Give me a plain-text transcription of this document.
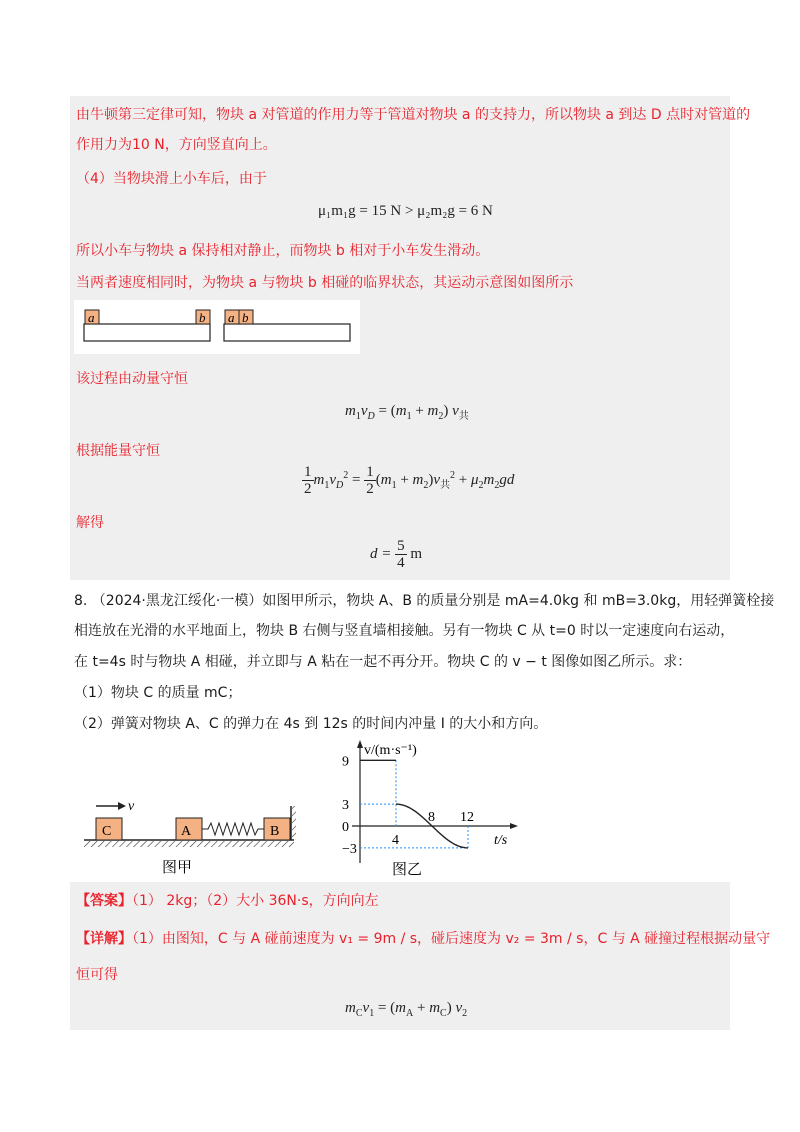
由牛顿第三定律可知，物块 a 对管道的作用力等于管道对物块 a 的支持力，所以物块 a 到达 D 点时对管道的
作用力为10 N，方向竖直向上。
（4）当物块滑上小车后，由于
μ₁m₁g = 15 N > μ₂m₂g = 6 N
所以小车与物块 a 保持相对静止，而物块 b 相对于小车发生滑动。
当两者速度相同时，为物块 a 与物块 b 相碰的临界状态，其运动示意图如图所示
a	b a b
该过程由动量守恒
$m_1v_D = (m_1 + m_2)$ $v_共$
根据能量守恒
$\frac{1}{2} m_1v_D^2 = \frac{1}{2} (m_1 + m_2)v_共^2 + \mu_2m_2gd$
解得
$d = \frac{5}{4}$ m
8. （2024·黑龙江绥化·一模）如图甲所示，物块 A、B 的质量分别是 mA=4.0kg 和 mB=3.0kg，用轻弹簧栓接
相连放在光滑的水平地面上，物块 B 右侧与竖直墙相接触。另有一物块 C 从 t=0 时以一定速度向右运动，
在 t=4s 时与物块 A 相碰，并立即与 A 粘在一起不再分开。物块 C 的 v − t 图像如图乙所示。求：
（1）物块 C 的质量 mC；
（2）弹簧对物块 A、C 的弹力在 4s 到 12s 的时间内冲量 I 的大小和方向。
v
C	A	B
图甲
v/(m·s⁻¹)
t/s
9
3
0
−3
4
8 12
图乙
【答案】（1） 2kg；（2）大小 36N·s，方向向左
【详解】（1）由图知，C 与 A 碰前速度为 v₁ = 9m / s，碰后速度为 v₂ = 3m / s，C 与 A 碰撞过程根据动量守
恒可得
$m_Cv_1 = (m_A + m_C)$ $v_2$
